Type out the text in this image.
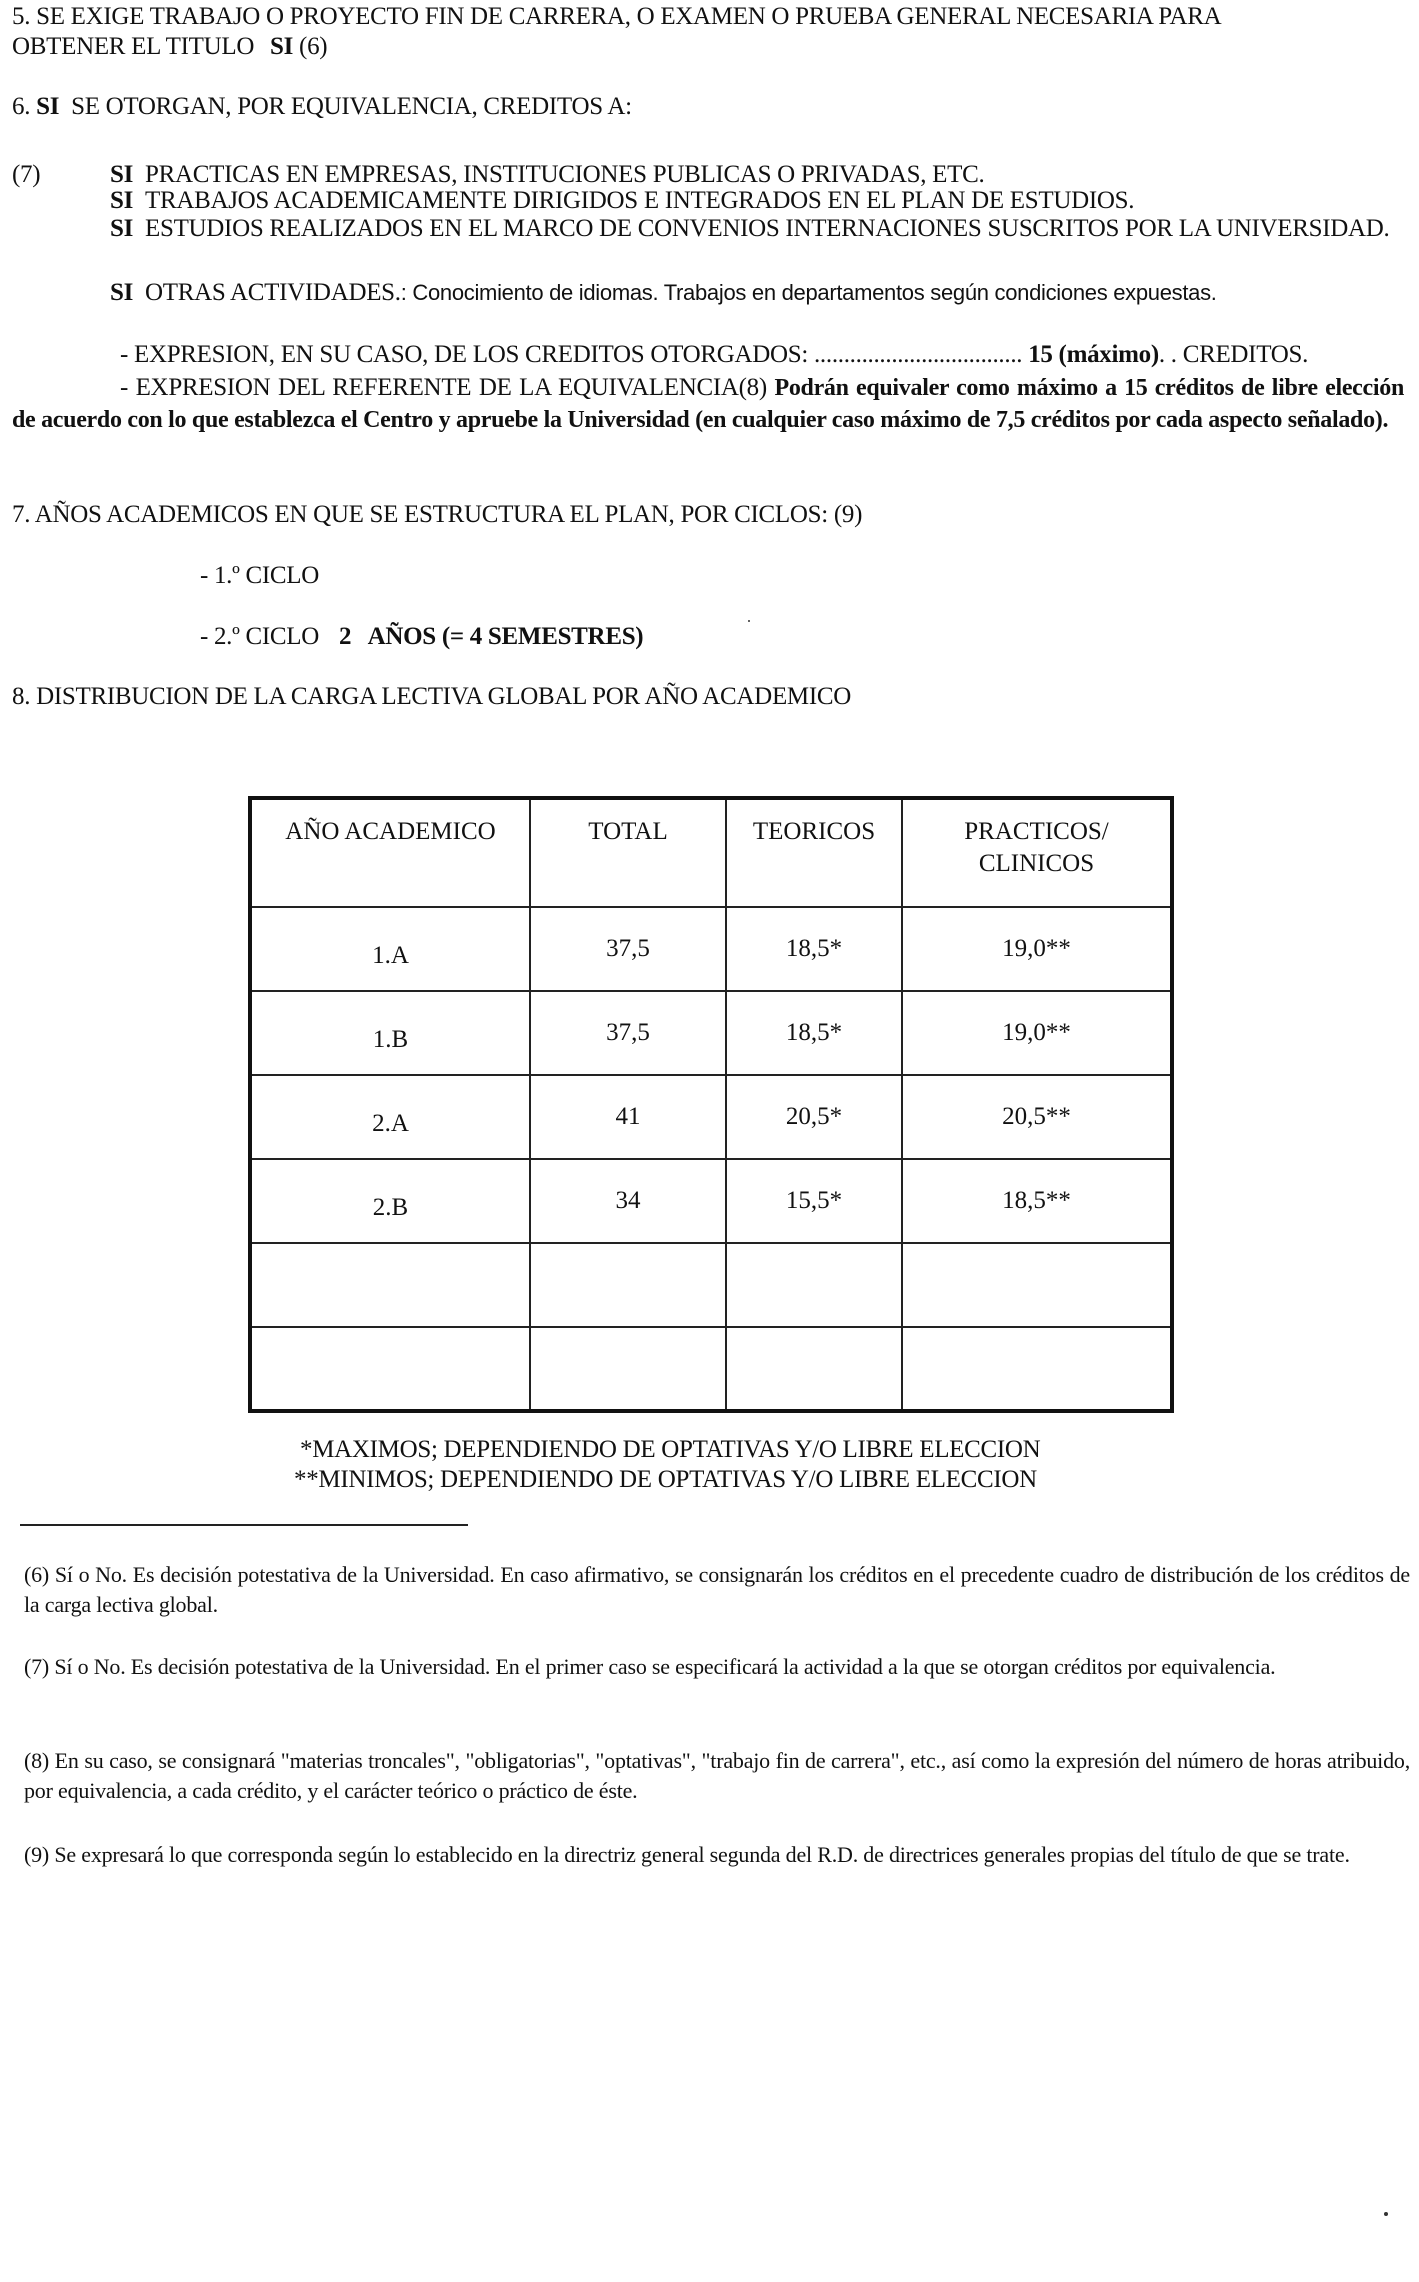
5. SE EXIGE TRABAJO O PROYECTO FIN DE CARRERA, O EXAMEN O PRUEBA GENERAL NECESARIA PARA
OBTENER EL TITULO SI (6)
6. SI SE OTORGAN, POR EQUIVALENCIA, CREDITOS A:
(7)	SI PRACTICAS EN EMPRESAS, INSTITUCIONES PUBLICAS O PRIVADAS, ETC.
SI TRABAJOS ACADEMICAMENTE DIRIGIDOS E INTEGRADOS EN EL PLAN DE ESTUDIOS.
SI ESTUDIOS REALIZADOS EN EL MARCO DE CONVENIOS INTERNACIONES SUSCRITOS POR LA UNIVERSIDAD.
SI OTRAS ACTIVIDADES.: Conocimiento de idiomas. Trabajos en departamentos según condiciones expuestas.
- EXPRESION, EN SU CASO, DE LOS CREDITOS OTORGADOS: ................................... 15 (máximo). . CREDITOS.
- EXPRESION DEL REFERENTE DE LA EQUIVALENCIA(8) Podrán equivaler como máximo a 15 créditos de libre elección de acuerdo con lo que establezca el Centro y apruebe la Universidad (en cualquier caso máximo de 7,5 créditos por cada aspecto señalado).
7. AÑOS ACADEMICOS EN QUE SE ESTRUCTURA EL PLAN, POR CICLOS: (9)
- 1.º CICLO
- 2.º CICLO 2   AÑOS (= 4 SEMESTRES)
8. DISTRIBUCION DE LA CARGA LECTIVA GLOBAL POR AÑO ACADEMICO
AÑO ACADEMICO	TOTAL	TEORICOS	PRACTICOS/
CLINICOS

1.A	37,5	18,5*	19,0**
1.B	37,5	18,5*	19,0**
2.A	41	20,5*	20,5**
2.B	34	15,5*	18,5**

*MAXIMOS; DEPENDIENDO DE OPTATIVAS Y/O LIBRE ELECCION
**MINIMOS; DEPENDIENDO DE OPTATIVAS Y/O LIBRE ELECCION
(6) Sí o No. Es decisión potestativa de la Universidad. En caso afirmativo, se consignarán los créditos en el precedente cuadro de distribución de los créditos de la carga lectiva global.
(7) Sí o No. Es decisión potestativa de la Universidad. En el primer caso se especificará la actividad a la que se otorgan créditos por equivalencia.
(8) En su caso, se consignará "materias troncales", "obligatorias", "optativas", "trabajo fin de carrera", etc., así como la expresión del número de horas atribuido, por equivalencia, a cada crédito, y el carácter teórico o práctico de éste.
(9) Se expresará lo que corresponda según lo establecido en la directriz general segunda del R.D. de directrices generales propias del título de que se trate.
